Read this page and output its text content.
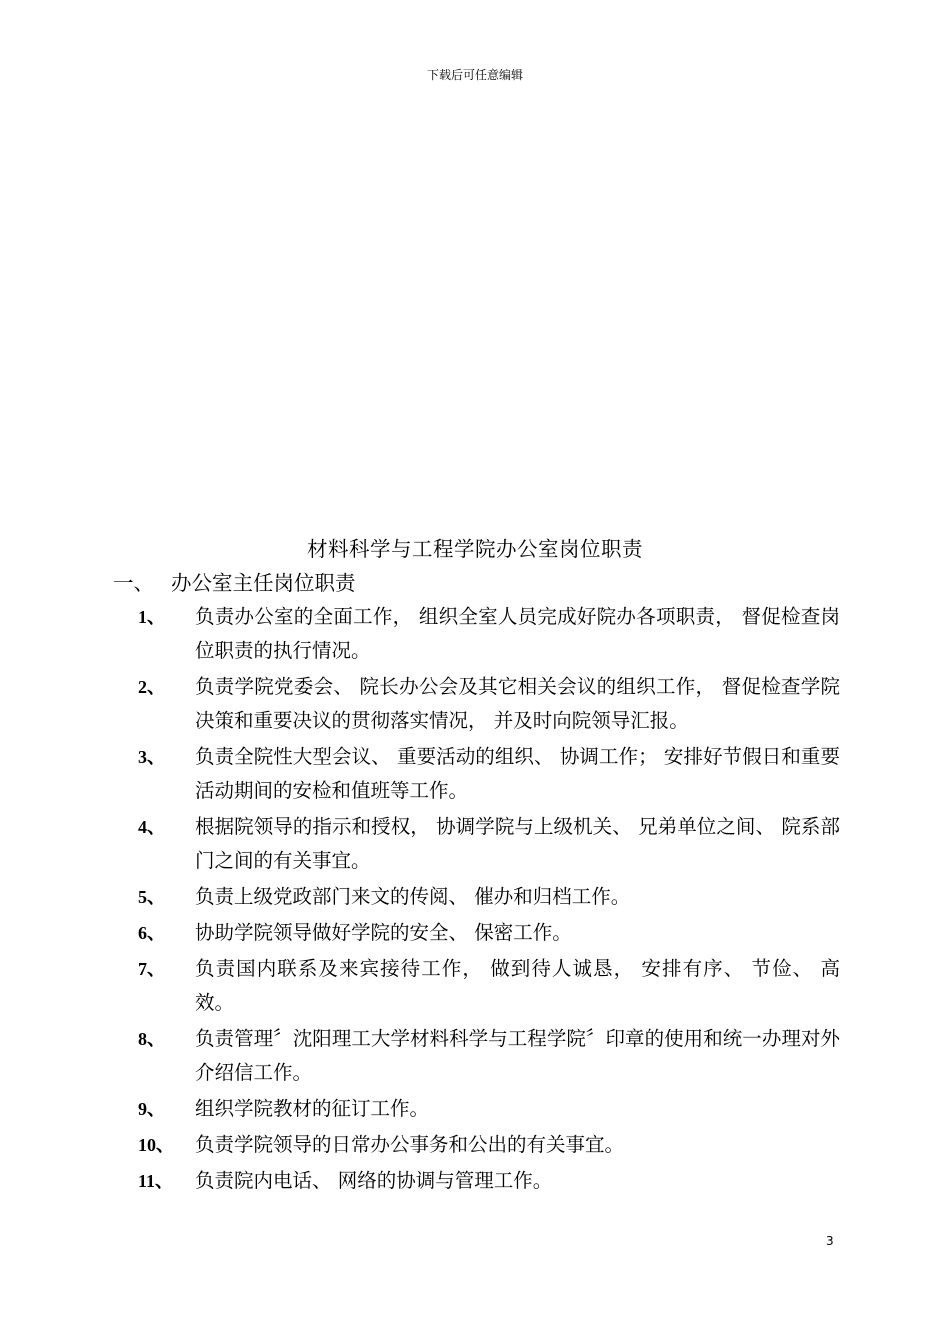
下载后可任意编辑
材料科学与工程学院办公室岗位职责
一、 办公室主任岗位职责
1、	负责办公室的全面工作， 组织全室人员完成好院办各项职责， 督促检查岗位职责的执行情况。
2、	负责学院党委会、 院长办公会及其它相关会议的组织工作， 督促检查学院决策和重要决议的贯彻落实情况， 并及时向院领导汇报。
3、	负责全院性大型会议、 重要活动的组织、 协调工作； 安排好节假日和重要活动期间的安检和值班等工作。
4、	根据院领导的指示和授权， 协调学院与上级机关、 兄弟单位之间、 院系部门之间的有关事宜。
5、	负责上级党政部门来文的传阅、 催办和归档工作。
6、	协助学院领导做好学院的安全、 保密工作。
7、	负责国内联系及来宾接待工作， 做到待人诚恳， 安排有序、 节俭、 高效。
8、	负责管理〞沈阳理工大学材料科学与工程学院〞印章的使用和统一办理对外介绍信工作。
9、	组织学院教材的征订工作。
10、	负责学院领导的日常办公事务和公出的有关事宜。
11、	负责院内电话、 网络的协调与管理工作。
3
